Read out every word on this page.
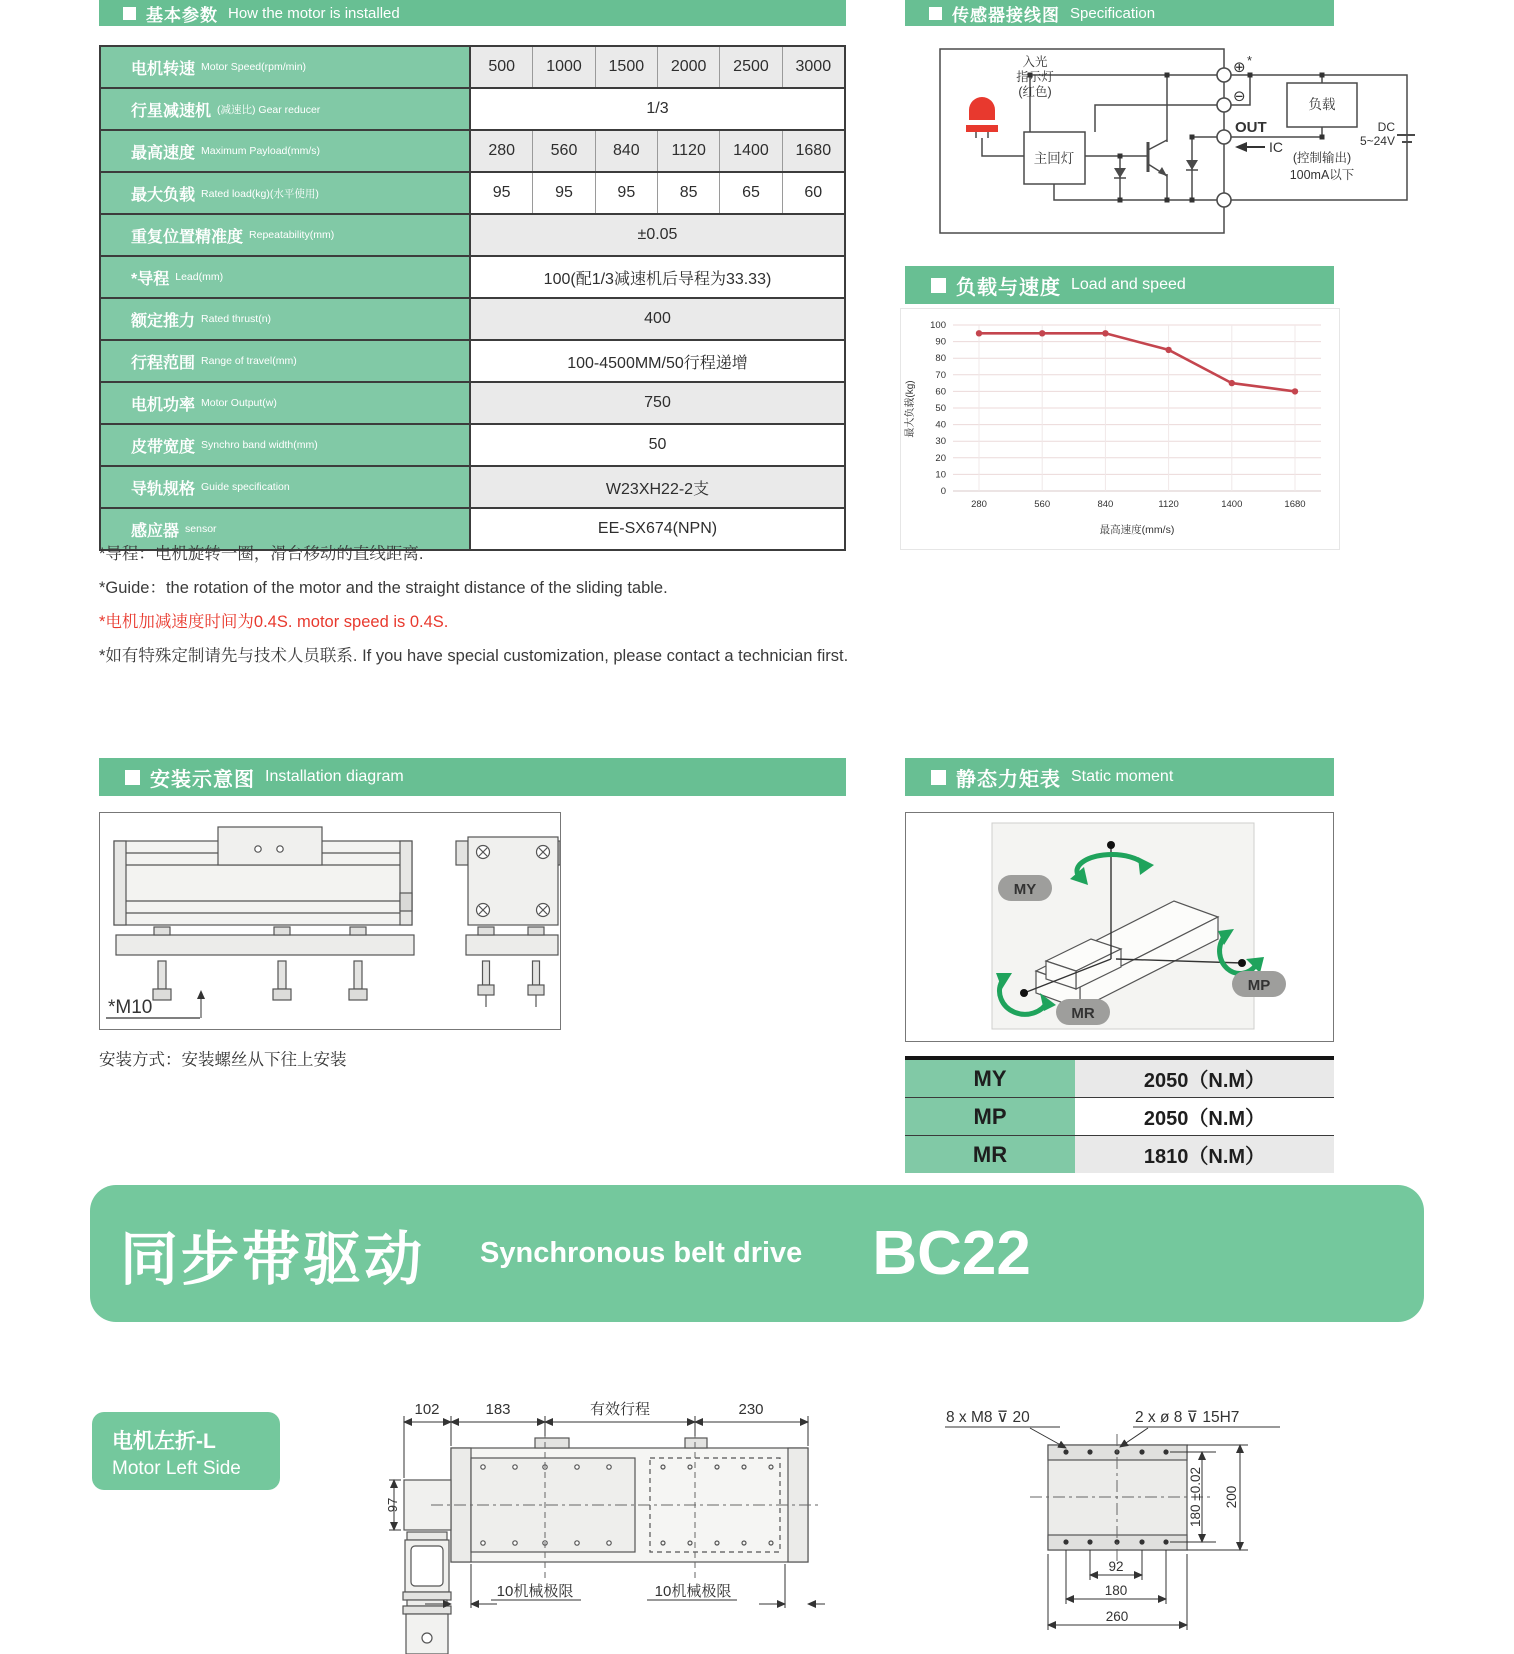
基本参数 How the motor is installed	传感器接线图 Specification
电机转速 Motor Speed(rpm/min)	500	1000	1500	2000	2500	3000
行星减速机 (减速比) Gear reducer	1/3
最高速度 Maximum Payload(mm/s)	280	560	840	1120	1400	1680
最大负载 Rated load(kg)(水平使用)	95	95	95	85	65	60
重复位置精准度 Repeatability(mm)	±0.05
*导程 Lead(mm)	100(配1/3减速机后导程为33.33)
额定推力 Rated thrust(n)	400
行程范围 Range of travel(mm)	100-4500MM/50行程递增
电机功率 Motor Output(w)	750
皮带宽度 Synchro band width(mm)	50
导轨规格 Guide specification	W23XH22-2支
感应器 sensor	EE-SX674(NPN)
*导程：电机旋转一圈，滑台移动的直线距离.
*Guide：the rotation of the motor and the straight distance of the sliding table.
*电机加减速度时间为0.4S. motor speed is 0.4S.
*如有特殊定制请先与技术人员联系. If you have special customization, please contact a technician first.
入光
指示灯
(红色)
主回灯
负载
(控制输出)
100mA以下
⊕ *
⊖
OUT
IC
DC
5~24V
负载与速度 Load and speed
0
10
20
30
40
50
60
70
80
90
100
280	560	840	1120	1400	1680
最大负载(kg)
最高速度(mm/s)
安装示意图 Installation diagram
*M10
安装方式：安装螺丝从下往上安装
静态力矩表 Static moment
MY
MP
MR
MY	2050（N.M）
MP	2050（N.M）
MR	1810（N.M）
同步带驱动 Synchronous belt drive BC22
电机左折-L
Motor Left Side
102	183	有效行程	230
10机械极限	10机械极限
97
8 x M8 ⊽ 20	2 x ø 8 ⊽ 15H7
180 ±0.02 200
92
180
260
